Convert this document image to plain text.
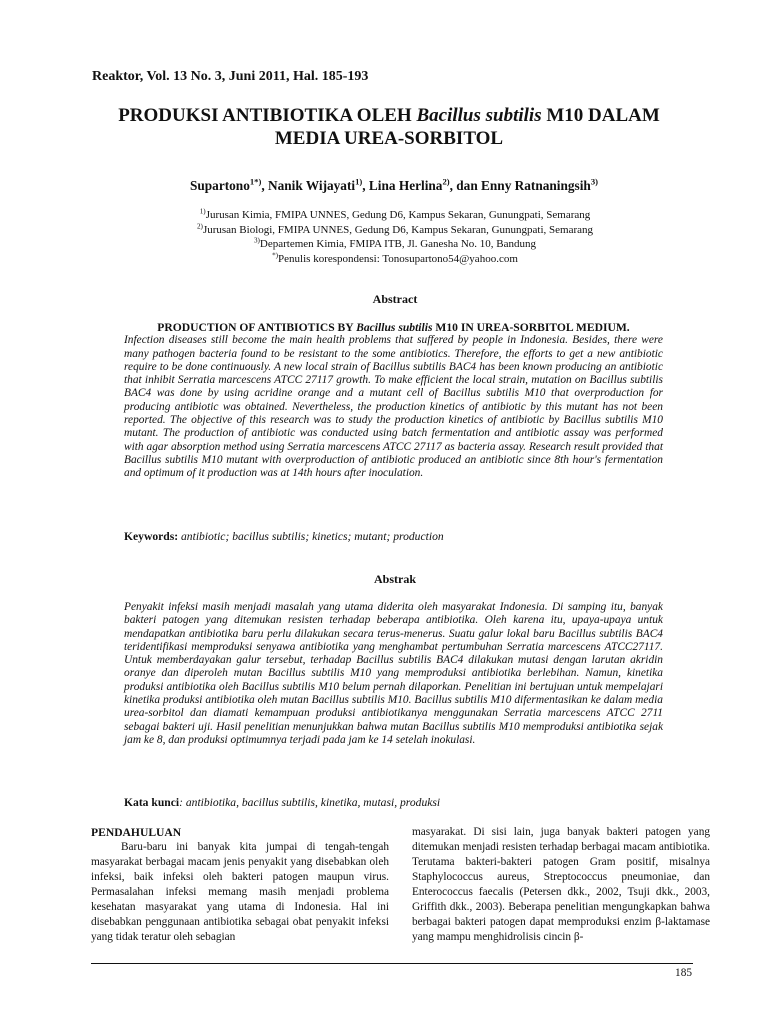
Reaktor, Vol. 13 No. 3, Juni 2011, Hal. 185-193
PRODUKSI ANTIBIOTIKA OLEH Bacillus subtilis M10 DALAM
MEDIA UREA-SORBITOL
Supartono$^{1*)}$, Nanik Wijayati$^{1)}$, Lina Herlina$^{2)}$, dan Enny Ratnaningsih$^{3)}$
$^{1)}$Jurusan Kimia, FMIPA UNNES, Gedung D6, Kampus Sekaran, Gunungpati, Semarang
$^{2)}$Jurusan Biologi, FMIPA UNNES, Gedung D6, Kampus Sekaran, Gunungpati, Semarang
$^{3)}$Departemen Kimia, FMIPA ITB, Jl. Ganesha No. 10, Bandung
*)Penulis korespondensi: Tonosupartono54@yahoo.com
Abstract
PRODUCTION OF ANTIBIOTICS BY Bacillus subtilis M10 IN UREA-SORBITOL MEDIUM.
Infection diseases still become the main health problems that suffered by people in Indonesia. Besides, there were many pathogen bacteria found to be resistant to the some antibiotics. Therefore, the efforts to get a new antibiotic require to be done continuously. A new local strain of Bacillus subtilis BAC4 has been known producing an antibiotic that inhibit Serratia marcescens ATCC 27117 growth. To make efficient the local strain, mutation on Bacillus subtilis BAC4 was done by using acridine orange and a mutant cell of Bacillus subtilis M10 that overproduction for producing antibiotic was obtained. Nevertheless, the production kinetics of antibiotic by this mutant has not been reported. The objective of this research was to study the production kinetics of antibiotic by Bacillus subtilis M10 mutant. The production of antibiotic was conducted using batch fermentation and antibiotic assay was performed with agar absorption method using Serratia marcescens ATCC 27117 as bacteria assay. Research result provided that Bacillus subtilis M10 mutant with overproduction of antibiotic produced an antibiotic since 8th hour's fermentation and optimum of it production was at 14th hours after inoculation.
Keywords: antibiotic; bacillus subtilis; kinetics; mutant; production
Abstrak
Penyakit infeksi masih menjadi masalah yang utama diderita oleh masyarakat Indonesia. Di samping itu, banyak bakteri patogen yang ditemukan resisten terhadap beberapa antibiotika. Oleh karena itu, upaya-upaya untuk mendapatkan antibiotika baru perlu dilakukan secara terus-menerus. Suatu galur lokal baru Bacillus subtilis BAC4 teridentifikasi memproduksi senyawa antibiotika yang menghambat pertumbuhan Serratia marcescens ATCC27117. Untuk memberdayakan galur tersebut, terhadap Bacillus subtilis BAC4 dilakukan mutasi dengan larutan akridin oranye dan diperoleh mutan Bacillus subtilis M10 yang memproduksi antibiotika berlebihan. Namun, kinetika produksi antibiotika oleh Bacillus subtilis M10 belum pernah dilaporkan. Penelitian ini bertujuan untuk mempelajari kinetika produksi antibiotika oleh mutan Bacillus subtilis M10. Bacillus subtilis M10 difermentasikan ke dalam media urea-sorbitol dan diamati kemampuan produksi antibiotikanya menggunakan Serratia marcescens ATCC 2711 sebagai bakteri uji. Hasil penelitian menunjukkan bahwa mutan Bacillus subtilis M10 memproduksi antibiotika sejak jam ke 8, dan produksi optimumnya terjadi pada jam ke 14 setelah inokulasi.
Kata kunci: antibiotika, bacillus subtilis, kinetika, mutasi, produksi
PENDAHULUAN
Baru-baru ini banyak kita jumpai di tengah-tengah masyarakat berbagai macam jenis penyakit yang disebabkan oleh infeksi, baik infeksi oleh bakteri patogen maupun virus. Permasalahan infeksi memang masih menjadi problema kesehatan masyarakat yang utama di Indonesia. Hal ini disebabkan penggunaan antibiotika sebagai obat penyakit infeksi yang tidak teratur oleh sebagian
masyarakat. Di sisi lain, juga banyak bakteri patogen yang ditemukan menjadi resisten terhadap berbagai macam antibiotika. Terutama bakteri-bakteri patogen Gram positif, misalnya Staphylococcus aureus, Streptococcus pneumoniae, dan Enterococcus faecalis (Petersen dkk., 2002, Tsuji dkk., 2003, Griffith dkk., 2003). Beberapa penelitian mengungkapkan bahwa berbagai bakteri patogen dapat memproduksi enzim β-laktamase yang mampu menghidrolisis cincin β-
185
